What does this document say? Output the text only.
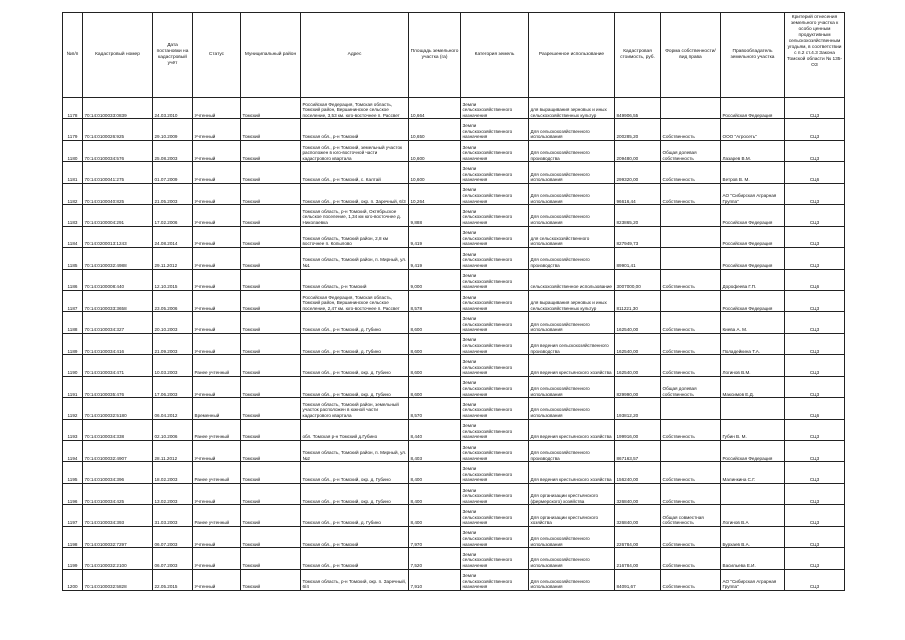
№п/п	Кадастровый номер	Дата постановки на кадастровый учёт	Статус	Муниципальный район	Адрес	Площадь земельного участка (га)	Категория земель	Разрешенное использование	Кадастровая стоимость, руб.	Форма собственности/вид права	Правообладатель земельного участка	Критерий отнесения земельного участка к особо ценным продуктивным сельскохозяйственным угодьям, в соответствии с п.2 ст.4.3 Закона Томской области № 135-ОЗ
1178	70:14:0100033:0839	24.03.2010	Учтенный	Томский	Российская Федерация, Томская область, Томский район, Вершининское сельское поселение, 3,53 км. юго-восточнее п. Рассвет	10,664	Земли сельскохозяйственного назначения	для выращивания зерновых и иных сельскохозяйственных культур	849906,55		Российская Федерация	СЦ3
1179	70:14:0100026:925	29.10.2009	Учтенный	Томский	Томская обл., р-н Томский	10,650	Земли сельскохозяйственного назначения	Для сельскохозяйственного использования	200285,20	Собственность	ООО "Агросеть"	СЦ3
1180	70:14:0100034:576	25.08.2003	Учтенный	Томский	Томская обл., р-н Томский, земельный участок расположен в юго-восточной части кадастрового квартала	10,600	Земли сельскохозяйственного назначения	Для сельскохозяйственного производства	209480,00	Общая долевая собственность	Лазарев В.М.	СЦ3
1181	70:14:0100041:275	01.07.2009	Учтенный	Томский	Томская обл., р-н Томский, с. Калтай	10,600	Земли сельскохозяйственного назначения	Для сельскохозяйственного использования	299320,00	Собственность	Ветров В. М.	СЦ6
1182	70:14:0100040:825	21.05.2003	Учтенный	Томский	Томская обл., р-н Томский, окр. п. Заречный, 6/3	10,264	Земли сельскохозяйственного назначения	Для сельскохозяйственного использования	96616,44	Собственность	АО "Сибирская Аграрная Группа"	СЦ3
1183	70:14:0100004:291	17.02.2006	Учтенный	Томский	Томская область, р-н Томский, Октябрьское сельское поселение, 1,34 км юго-восточнее д. Николаевка	9,888	Земли сельскохозяйственного назначения	Для сельскохозяйственного использования	823865,20		Российская Федерация	СЦ3
1184	70:14:0200013:1243	24.08.2014	Учтенный	Томский	Томская область, Томский район, 2,8 км восточнее п. Копылово	9,419	Земли сельскохозяйственного назначения	для сельскохозяйственного использования	827949,73		Российская Федерация	СЦ3
1185	70:14:0100032:4988	29.11.2012	Учтенный	Томский	Томская область, Томский район, п. Мирный, ул. №1	9,419	Земли сельскохозяйственного назначения	Для сельскохозяйственного производства	89901,41		Российская Федерация	СЦ3
1186	70:14:0100008:440	12.10.2015	Учтенный	Томский	Томская область, р-н Томский	9,000	Земли сельскохозяйственного назначения	сельскохозяйственное использование	3007000,00	Собственность	Дорофеева Г.П.	СЦ6
1187	70:14:0100033:3658	23.05.2006	Учтенный	Томский	Российская Федерация, Томская область, Томский район, Вершининское сельское поселение, 2,47 км. юго-восточнее п. Рассвет	8,578	Земли сельскохозяйственного назначения	для выращивания зерновых и иных сельскохозяйственных культур	811221,30		Российская Федерация	СЦ3
1188	70:14:0100034:327	20.10.2003	Учтенный	Томский	Томская обл., р-н Томский, д. Губино	8,600	Земли сельскохозяйственного назначения	Для сельскохозяйственного использования	162540,00	Собственность	Киева А. М.	СЦ3
1189	70:14:0100034:416	21.09.2003	Учтенный	Томский	Томская обл., р-н Томский, д. Губино	8,600	Земли сельскохозяйственного назначения	Для ведения сельскохозяйственного производства	162540,00	Собственность	Поладейкина Т.А.	СЦ3
1190	70:14:0100034:471	10.03.2003	Ранее учтенный	Томский	Томская обл., р-н Томский, окр. д. Губино	8,600	Земли сельскохозяйственного назначения	Для ведения крестьянского хозяйства	162540,00	Собственность	Логинов В.М.	СЦ3
1191	70:14:0100035:476	17.06.2003	Учтенный	Томский	Томская обл., р-н Томский, окр. д. Губино	8,600	Земли сельскохозяйственного назначения	Для сельскохозяйственного использования	829990,00	Общая долевая собственность	Максимов Е.Д.	СЦ3
1192	70:14:0100032:5180	06.04.2012	Временный	Томский	Томская область, Томский район, земельный участок расположен в южной части кадастрового квартала	8,570	Земли сельскохозяйственного назначения	Для сельскохозяйственного использования	193812,20			СЦ6
1193	70:14:0100034:338	02.10.2006	Ранее учтенный	Томский	обл. Томская р-н Томский д.Губино	8,440	Земли сельскохозяйственного назначения	Для ведения крестьянского хозяйства	199916,00	Собственность	Губин В. М.	СЦ3
1194	70:14:0100032:4907	28.11.2012	Учтенный	Томский	Томская область, Томский район, п. Мирный, ул. №2	8,403	Земли сельскохозяйственного назначения	Для сельскохозяйственного производства	867163,57		Российская Федерация	СЦ3
1195	70:14:0100034:396	18.02.2003	Ранее учтенный	Томский	Томская обл., р-н Томский, окр. д. Губино	8,400	Земли сельскохозяйственного назначения	Для ведения крестьянского хозяйства	156240,00	Собственность	Малинкина С.Г.	СЦ3
1196	70:14:0100034:425	13.02.2003	Учтенный	Томский	Томская обл., р-н Томский, окр. д. Губино	8,400	Земли сельскохозяйственного назначения	Для организации крестьянского (фермерского) хозяйства	326840,00	Собственность		СЦ3
1197	70:14:0100034:393	31.03.2003	Ранее учтенный	Томский	Томская обл., р-н Томский, д. Губино	8,400	Земли сельскохозяйственного назначения	Для организации крестьянского хозяйства	326840,00	Общая совместная собственность	Логинов В.А	СЦ3
1198	70:14:0100032:7297	06.07.2003	Учтенный	Томский	Томская обл., р-н Томский	7,970	Земли сельскохозяйственного назначения	Для сельскохозяйственного использования	226784,00	Собственность	Бурхаев В.А.	СЦ3
1199	70:14:0100032:2100	06.07.2003	Учтенный	Томский	Томская обл., р-н Томский	7,520	Земли сельскохозяйственного назначения	Для сельскохозяйственного использования	216784,00	Собственность	Васильева Е.И.	СЦ3
1200	70:14:0100032:5828	22.05.2015	Учтенный	Томский	Томская область, р-н Томский, окр. п. Заречный, 6/4	7,910	Земли сельскохозяйственного назначения	Для сельскохозяйственного использования	84091,67	Собственность	АО "Сибирская Аграрная Группа"	СЦ3
